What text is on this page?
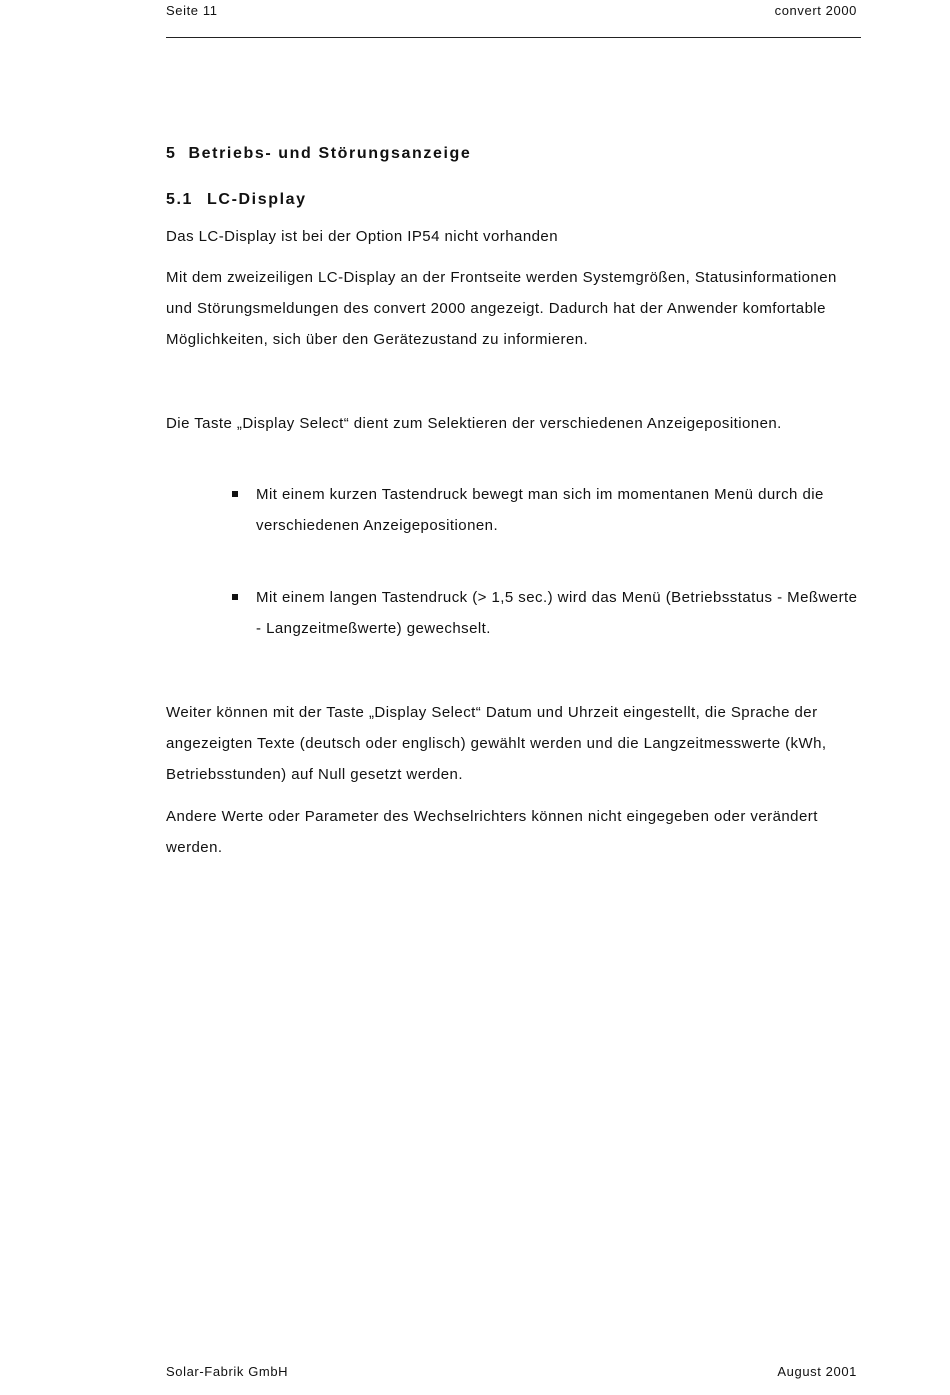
Seite 11	convert 2000
5 Betriebs- und Störungsanzeige
5.1 LC-Display

Das LC-Display ist bei der Option IP54 nicht vorhanden

Mit dem zweizeiligen LC-Display an der Frontseite werden Systemgrößen, Statusinformationen und Störungsmeldungen des convert 2000 angezeigt. Dadurch hat der Anwender komfortable Möglichkeiten, sich über den Gerätezustand zu informieren.

Die Taste „Display Select“ dient zum Selektieren der verschiedenen Anzeigepositionen.

Mit einem kurzen Tastendruck bewegt man sich im momentanen Menü durch die verschiedenen Anzeigepositionen.
Mit einem langen Tastendruck (> 1,5 sec.) wird das Menü (Betriebsstatus - Meßwerte - Langzeitmeßwerte) gewechselt.

Weiter können mit der Taste „Display Select“ Datum und Uhrzeit eingestellt, die Sprache der angezeigten Texte (deutsch oder englisch) gewählt werden und die Langzeitmesswerte (kWh, Betriebsstunden) auf Null gesetzt werden.

Andere Werte oder Parameter des Wechselrichters können nicht eingegeben oder verändert werden.

Solar-Fabrik GmbH	August 2001
